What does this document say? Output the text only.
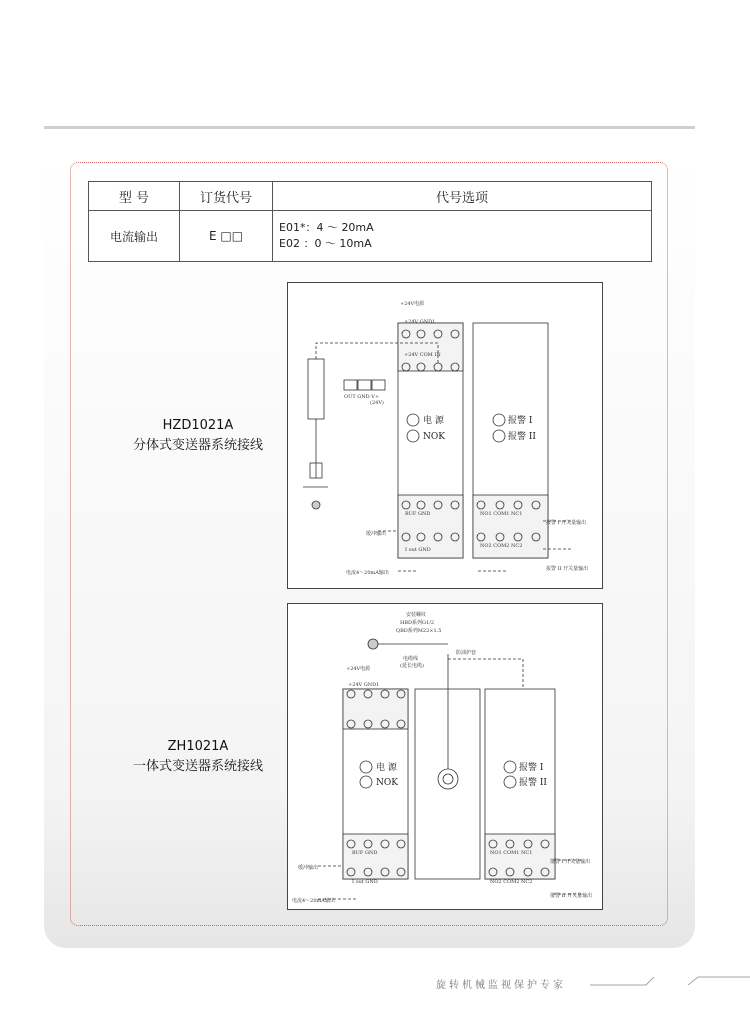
型 号	订货代号	代号选项
电流输出	E □□	E01*：4 ～ 20mA
E02 ：0 ～ 10mA
HZD1021A
分体式变送器系统接线
ZH1021A
一体式变送器系统接线
+24V电源
+24V GND1
+24V COM IN
OUT GND V+
(24V)
BUF GND
缓冲输出
I out GND
电流4～20mA输出
NO1 COM1 NC1
NO2 COM2 NC2
报警 I 开关量输出
报警 II 开关量输出
电 源
NOK
报警 I
报警 II
安装螺纹
HBD系列G1/2
QBD系列M22×1.5
电缆线
(延长电缆)
防油护套
+24V电源
+24V GND1
BUF GND
缓冲输出
I out GND
电流4～20mA输出
NO1 COM1 NC1
NO2 COM2 NC2
报警 I 开关量输出
报警 II 开关量输出
电 源
NOK
报警 I
报警 II
旋转机械监视保护专家
